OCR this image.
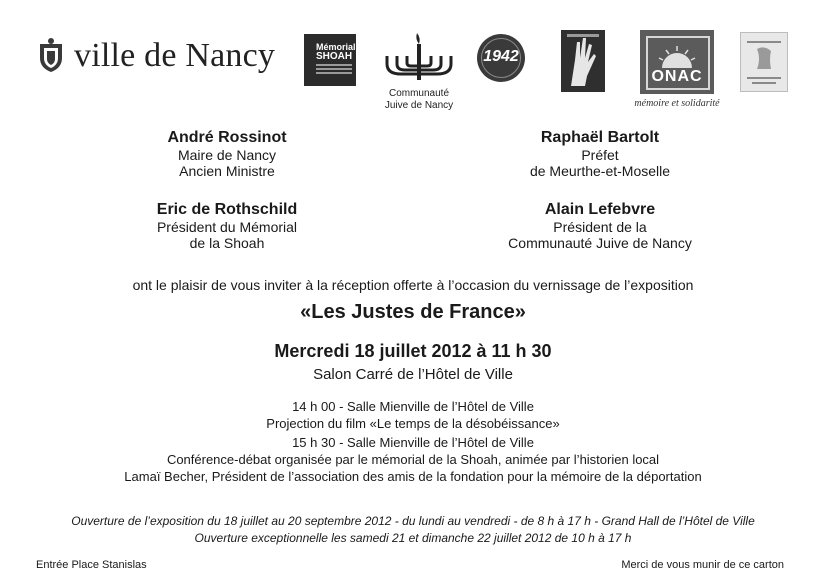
ville de Nancy	Mémorial
SHOAH
Communauté
Juive de Nancy
1942
ONAC
mémoire et solidarité
André Rossinot
Maire de Nancy
Ancien Ministre
Raphaël Bartolt
Préfet
de Meurthe-et-Moselle
Eric de Rothschild
Président du Mémorial
de la Shoah
Alain Lefebvre
Président de la
Communauté Juive de Nancy
ont le plaisir de vous inviter à la réception offerte à l’occasion du vernissage de l’exposition
«Les Justes de France»
Mercredi 18 juillet 2012 à 11 h 30
Salon Carré de l’Hôtel de Ville
14 h 00 - Salle Mienville de l’Hôtel de Ville
Projection du film «Le temps de la désobéissance»
15 h 30 - Salle Mienville de l’Hôtel de Ville
Conférence-débat organisée par le mémorial de la Shoah, animée par l’historien local
Lamaï Becher, Président de l’association des amis de la fondation pour la mémoire de la déportation
Ouverture de l’exposition du 18 juillet au 20 septembre 2012 - du lundi au vendredi - de 8 h à 17 h - Grand Hall de l’Hôtel de Ville
Ouverture exceptionnelle les samedi 21 et dimanche 22 juillet 2012 de 10 h à 17 h
Entrée Place Stanislas	Merci de vous munir de ce carton
